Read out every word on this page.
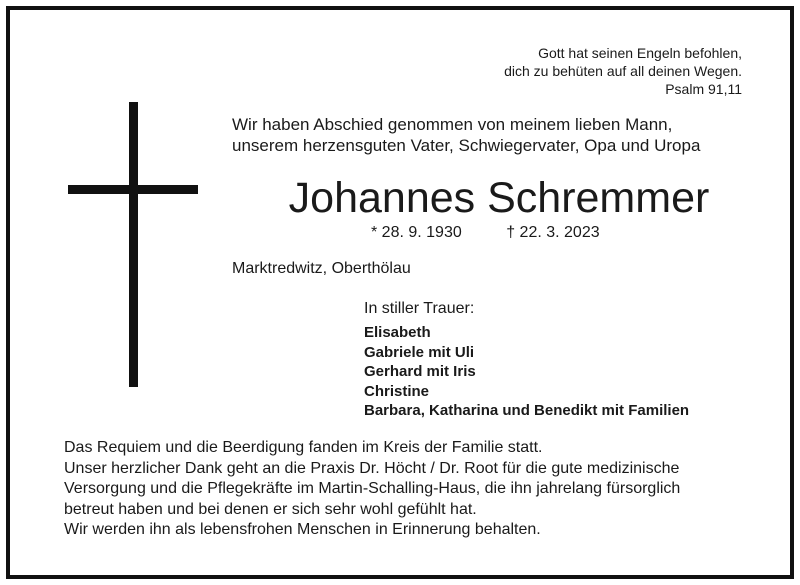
Gott hat seinen Engeln befohlen,
dich zu behüten auf all deinen Wegen.
Psalm 91,11
Wir haben Abschied genommen von meinem lieben Mann,
unserem herzensguten Vater, Schwiegervater, Opa und Uropa
Johannes Schremmer
* 28. 9. 1930	† 22. 3. 2023
Marktredwitz, Oberthölau
In stiller Trauer:
Elisabeth
Gabriele mit Uli
Gerhard mit Iris
Christine
Barbara, Katharina und Benedikt mit Familien
Das Requiem und die Beerdigung fanden im Kreis der Familie statt.
Unser herzlicher Dank geht an die Praxis Dr. Höcht / Dr. Root für die gute medizinische
Versorgung und die Pflegekräfte im Martin-Schalling-Haus, die ihn jahrelang fürsorglich
betreut haben und bei denen er sich sehr wohl gefühlt hat.
Wir werden ihn als lebensfrohen Menschen in Erinnerung behalten.
